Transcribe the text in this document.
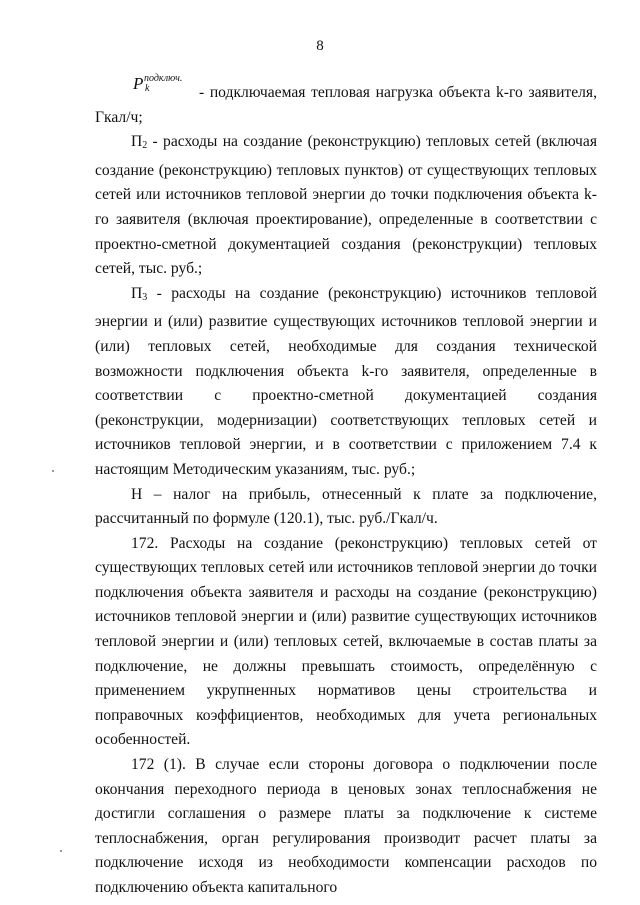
8

P подключ.
k	- подключаемая тепловая нагрузка объекта k-го заявителя, Гкал/ч;

П2 - расходы на создание (реконструкцию) тепловых сетей (включая создание (реконструкцию) тепловых пунктов) от существующих тепловых сетей или источников тепловой энергии до точки подключения объекта k-го заявителя (включая проектирование), определенные в соответствии с проектно-сметной документацией создания (реконструкции) тепловых сетей, тыс. руб.;

П3 - расходы на создание (реконструкцию) источников тепловой энергии и (или) развитие существующих источников тепловой энергии и (или) тепловых сетей, необходимые для создания технической возможности подключения объекта k-го заявителя, определенные в соответствии с проектно-сметной документацией создания (реконструкции, модернизации) соответствующих тепловых сетей и источников тепловой энергии, и в соответствии с приложением 7.4 к настоящим Методическим указаниям, тыс. руб.;

Н – налог на прибыль, отнесенный к плате за подключение, рассчитанный по формуле (120.1), тыс. руб./Гкал/ч.

172. Расходы на создание (реконструкцию) тепловых сетей от существующих тепловых сетей или источников тепловой энергии до точки подключения объекта заявителя и расходы на создание (реконструкцию) источников тепловой энергии и (или) развитие существующих источников тепловой энергии и (или) тепловых сетей, включаемые в состав платы за подключение, не должны превышать стоимость, определённую с применением укрупненных нормативов цены строительства и поправочных коэффициентов, необходимых для учета региональных особенностей.

172 (1). В случае если стороны договора о подключении после окончания переходного периода в ценовых зонах теплоснабжения не достигли соглашения о размере платы за подключение к системе теплоснабжения, орган регулирования производит расчет платы за подключение исходя из необходимости компенсации расходов по подключению объекта капитального
